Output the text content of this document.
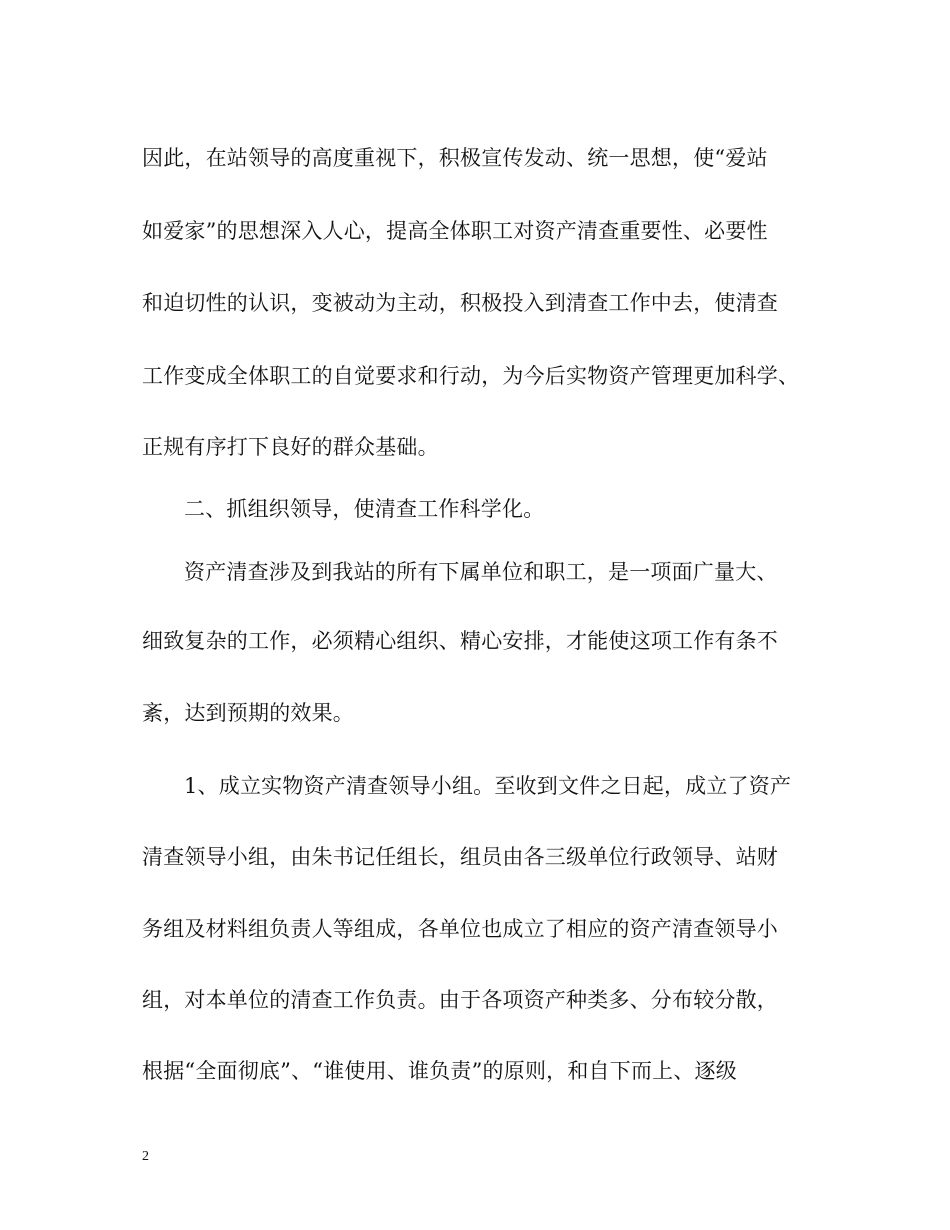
因此，在站领导的高度重视下，积极宣传发动、统一思想，使“爱站
如爱家”的思想深入人心，提高全体职工对资产清查重要性、必要性
和迫切性的认识，变被动为主动，积极投入到清查工作中去，使清查
工作变成全体职工的自觉要求和行动，为今后实物资产管理更加科学、
正规有序打下良好的群众基础。
二、抓组织领导，使清查工作科学化。
资产清查涉及到我站的所有下属单位和职工，是一项面广量大、
细致复杂的工作，必须精心组织、精心安排，才能使这项工作有条不
紊，达到预期的效果。
1、成立实物资产清查领导小组。至收到文件之日起，成立了资产
清查领导小组，由朱书记任组长，组员由各三级单位行政领导、站财
务组及材料组负责人等组成，各单位也成立了相应的资产清查领导小
组，对本单位的清查工作负责。由于各项资产种类多、分布较分散，
根据“全面彻底”、“谁使用、谁负责”的原则，和自下而上、逐级
2
